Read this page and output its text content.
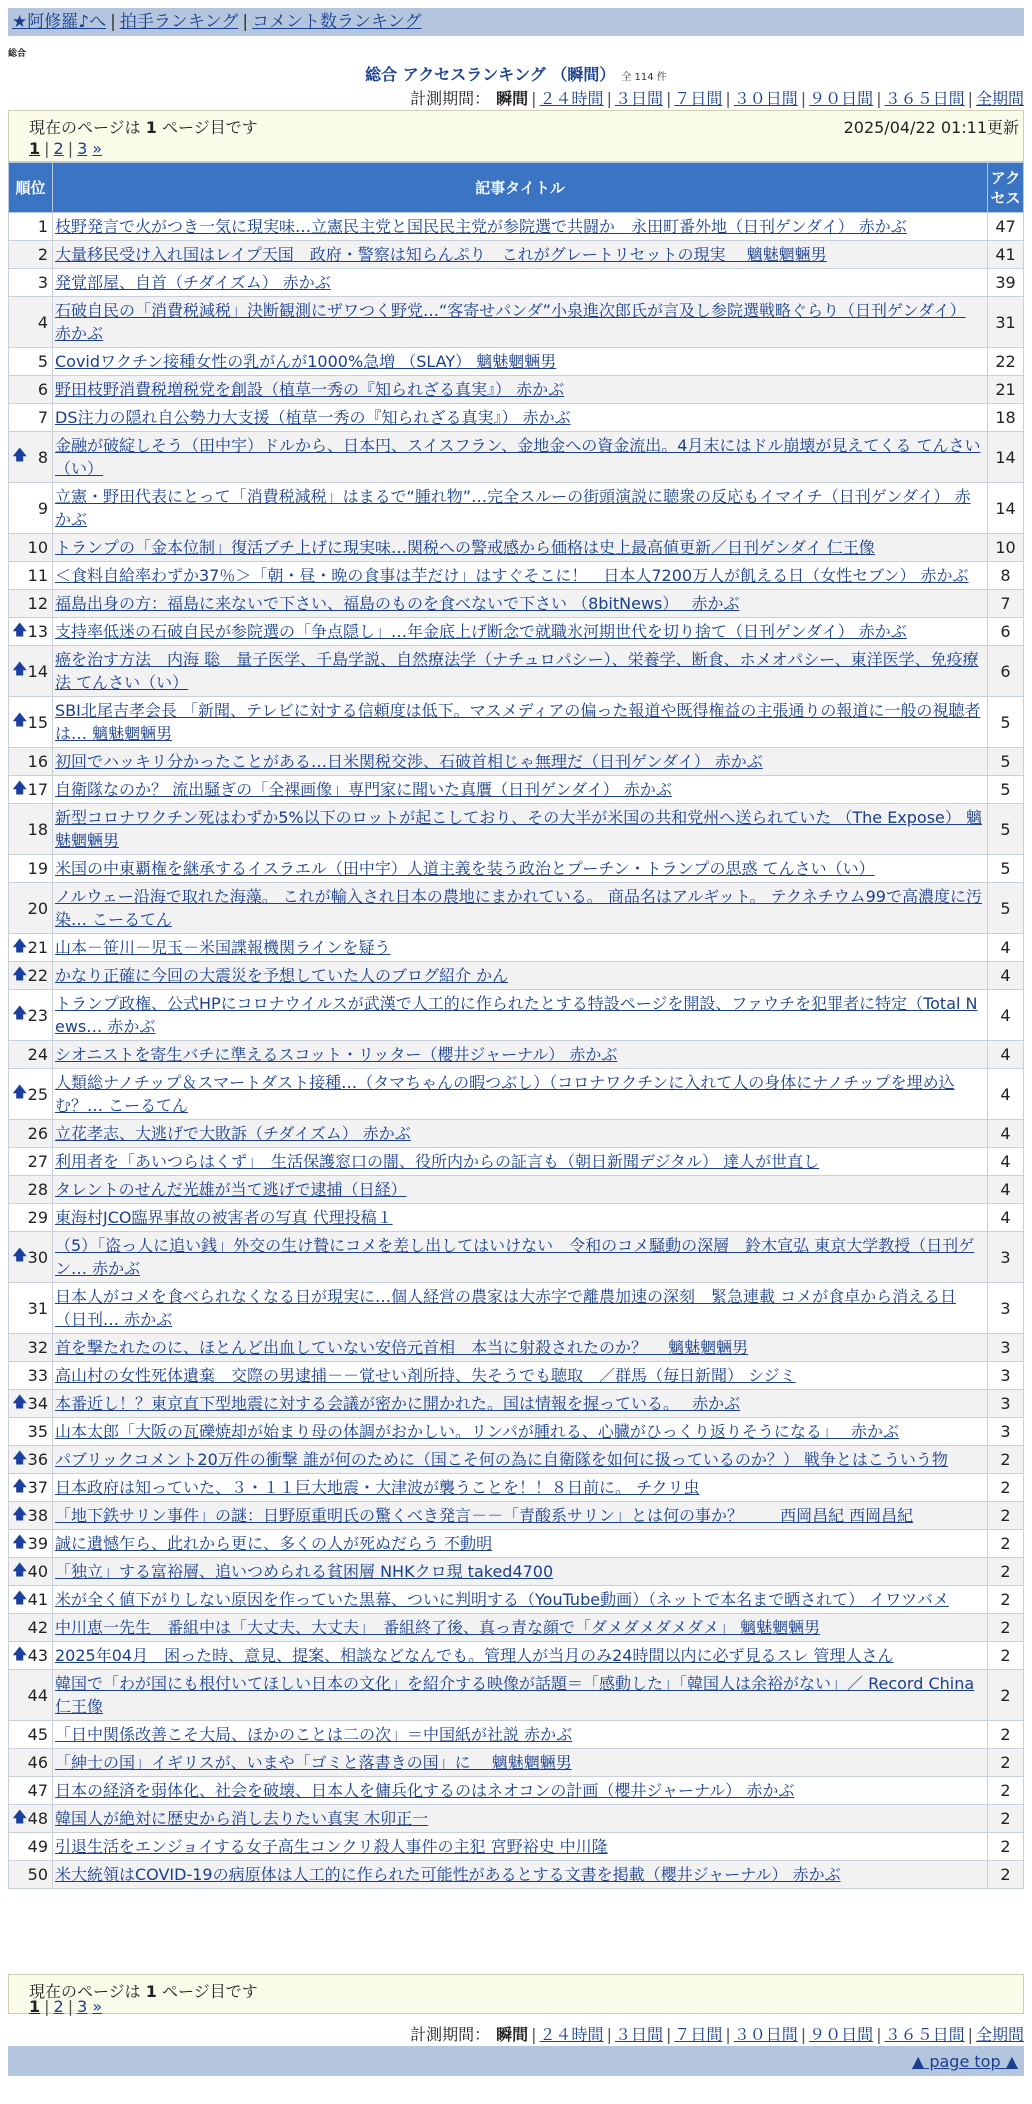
★阿修羅♪へ | 拍手ランキング | コメント数ランキング
総合
総合 アクセスランキング （瞬間） 全 114 件
計測期間： 瞬間 | ２４時間 | ３日間 | ７日間 | ３０日間 | ９０日間 | ３６５日間 | 全期間
現在のページは 1 ページ目です	2025/04/22 01:11更新
1 | 2 | 3 »
順位	記事タイトル	アクセス
1	枝野発言で火がつき一気に現実味…立憲民主党と国民民主党が参院選で共闘か　永田町番外地（日刊ゲンダイ） 赤かぶ	47
2	大量移民受け入れ国はレイプ天国　政府・警察は知らんぷり　これがグレートリセットの現実　 魑魅魍魎男	41
3	発覚部屋、自首（チダイズム） 赤かぶ	39
4	石破自民の「消費税減税」決断観測にザワつく野党…“客寄せパンダ”小泉進次郎氏が言及し参院選戦略ぐらり（日刊ゲンダイ） 赤かぶ	31
5	Covidワクチン接種女性の乳がんが1000%急増 （SLAY） 魑魅魍魎男	22
6	野田枝野消費税増税党を創設（植草一秀の『知られざる真実』） 赤かぶ	21
7	DS注力の隠れ自公勢力大支援（植草一秀の『知られざる真実』） 赤かぶ	18

🡅 8	金融が破綻しそう（田中宇）ドルから、日本円、スイスフラン、金地金への資金流出。4月末にはドル崩壊が見えてくる てんさい（い）	14
9	立憲・野田代表にとって「消費税減税」はまるで“腫れ物”…完全スルーの街頭演説に聴衆の反応もイマイチ（日刊ゲンダイ） 赤かぶ	14
10	トランプの「金本位制」復活ブチ上げに現実味…関税への警戒感から価格は史上最高値更新／日刊ゲンダイ 仁王像	10
11	＜食料自給率わずか37％＞「朝・昼・晩の食事は芋だけ」はすぐそこに！　日本人7200万人が飢える日（女性セブン） 赤かぶ	8
12	福島出身の方：福島に来ないで下さい、福島のものを食べないで下さい （8bitNews）　 赤かぶ	7

🡅 13	支持率低迷の石破自民が参院選の「争点隠し」…年金底上げ断念で就職氷河期世代を切り捨て（日刊ゲンダイ） 赤かぶ	6

🡅 14	癌を治す方法　内海 聡　量子医学、千島学説、自然療法学（ナチュロパシー）、栄養学、断食、ホメオパシー、東洋医学、免疫療法 てんさい（い）	6

🡅 15	SBI北尾吉孝会長 「新聞、テレビに対する信頼度は低下。マスメディアの偏った報道や既得権益の主張通りの報道に一般の視聴者は… 魑魅魍魎男	5
16	初回でハッキリ分かったことがある…日米関税交渉、石破首相じゃ無理だ（日刊ゲンダイ） 赤かぶ	5

🡅 17	自衛隊なのか？ 流出騒ぎの「全裸画像」専門家に聞いた真贋（日刊ゲンダイ） 赤かぶ	5
18	新型コロナワクチン死はわずか5%以下のロットが起こしており、その大半が米国の共和党州へ送られていた （The Expose） 魑魅魍魎男	5
19	米国の中東覇権を継承するイスラエル（田中宇）人道主義を装う政治とプーチン・トランプの思惑 てんさい（い）	5
20	ノルウェー沿海で取れた海藻。 これが輸入され日本の農地にまかれている。 商品名はアルギット。 テクネチウム99で高濃度に汚染… こーるてん	5

🡅 21	山本－笹川－児玉－米国諜報機関ラインを疑う	4

🡅 22	かなり正確に今回の大震災を予想していた人のブログ紹介 かん	4

🡅 23	トランプ政権、公式HPにコロナウイルスが武漢で人工的に作られたとする特設ページを開設、ファウチを犯罪者に特定（Total News… 赤かぶ	4
24	シオニストを寄生バチに準えるスコット・リッター（櫻井ジャーナル） 赤かぶ	4

🡅 25	人類総ナノチップ＆スマートダスト接種…（タマちゃんの暇つぶし）（コロナワクチンに入れて人の身体にナノチップを埋め込む？… こーるてん	4
26	立花孝志、大逃げで大敗訴（チダイズム） 赤かぶ	4
27	利用者を「あいつらはくず」　生活保護窓口の闇、役所内からの証言も（朝日新聞デジタル） 達人が世直し	4
28	タレントのせんだ光雄が当て逃げで逮捕（日経）	4
29	東海村JCO臨界事故の被害者の写真 代理投稿１	4

🡅 30	（5）「盗っ人に追い銭」外交の生け贄にコメを差し出してはいけない　令和のコメ騒動の深層　鈴木宣弘 東京大学教授（日刊ゲン… 赤かぶ	3
31	日本人がコメを食べられなくなる日が現実に…個人経営の農家は大赤字で離農加速の深刻　緊急連載 コメが食卓から消える日（日刊… 赤かぶ	3
32	首を撃たれたのに、ほとんど出血していない安倍元首相　本当に射殺されたのか？　 魑魅魍魎男	3
33	高山村の女性死体遺棄　交際の男逮捕－－覚せい剤所持、失そうでも聴取　／群馬（毎日新聞） シジミ	3

🡅 34	本番近し！？東京直下型地震に対する会議が密かに開かれた。国は情報を握っている。　 赤かぶ	3
35	山本太郎「大阪の瓦礫焼却が始まり母の体調がおかしい。リンパが腫れる、心臓がひっくり返りそうになる」　 赤かぶ	3

🡅 36	パブリックコメント20万件の衝撃 誰が何のために（国こそ何の為に自衛隊を如何に扱っているのか？） 戦争とはこういう物	2

🡅 37	日本政府は知っていた、３・１１巨大地震・大津波が襲うことを！！８日前に。 チクリ虫	2

🡅 38	「地下鉄サリン事件」の謎：日野原重明氏の驚くべき発言－－「青酸系サリン」とは何の事か？　　 西岡昌紀 西岡昌紀	2

🡅 39	誠に遺憾乍ら、此れから更に、多くの人が死ぬだらう 不動明	2

🡅 40	「独立」する富裕層、追いつめられる貧困層 NHKクロ現 taked4700	2

🡅 41	米が全く値下がりしない原因を作っていた黒幕、ついに判明する（YouTube動画）（ネットで本名まで晒されて） イワツバメ	2
42	中川恵一先生　番組中は「大丈夫、大丈夫」　番組終了後、真っ青な顔で「ダメダメダメダメ」 魑魅魍魎男	2

🡅 43	2025年04月　困った時、意見、提案、相談などなんでも。管理人が当月のみ24時間以内に必ず見るスレ 管理人さん	2
44	韓国で「わが国にも根付いてほしい日本の文化」を紹介する映像が話題＝「感動した」「韓国人は余裕がない」／ Record China 仁王像	2
45	「日中関係改善こそ大局、ほかのことは二の次」＝中国紙が社説 赤かぶ	2
46	「紳士の国」イギリスが、いまや「ゴミと落書きの国」に　 魑魅魍魎男	2
47	日本の経済を弱体化、社会を破壊、日本人を傭兵化するのはネオコンの計画（櫻井ジャーナル） 赤かぶ	2

🡅 48	韓国人が絶対に歴史から消し去りたい真実 木卯正一	2
49	引退生活をエンジョイする女子高生コンクリ殺人事件の主犯 宮野裕史 中川隆	2
50	米大統領はCOVID-19の病原体は人工的に作られた可能性があるとする文書を掲載（櫻井ジャーナル） 赤かぶ	2
現在のページは 1 ページ目です
1 | 2 | 3 »
計測期間： 瞬間 | ２４時間 | ３日間 | ７日間 | ３０日間 | ９０日間 | ３６５日間 | 全期間
▲ page top ▲
